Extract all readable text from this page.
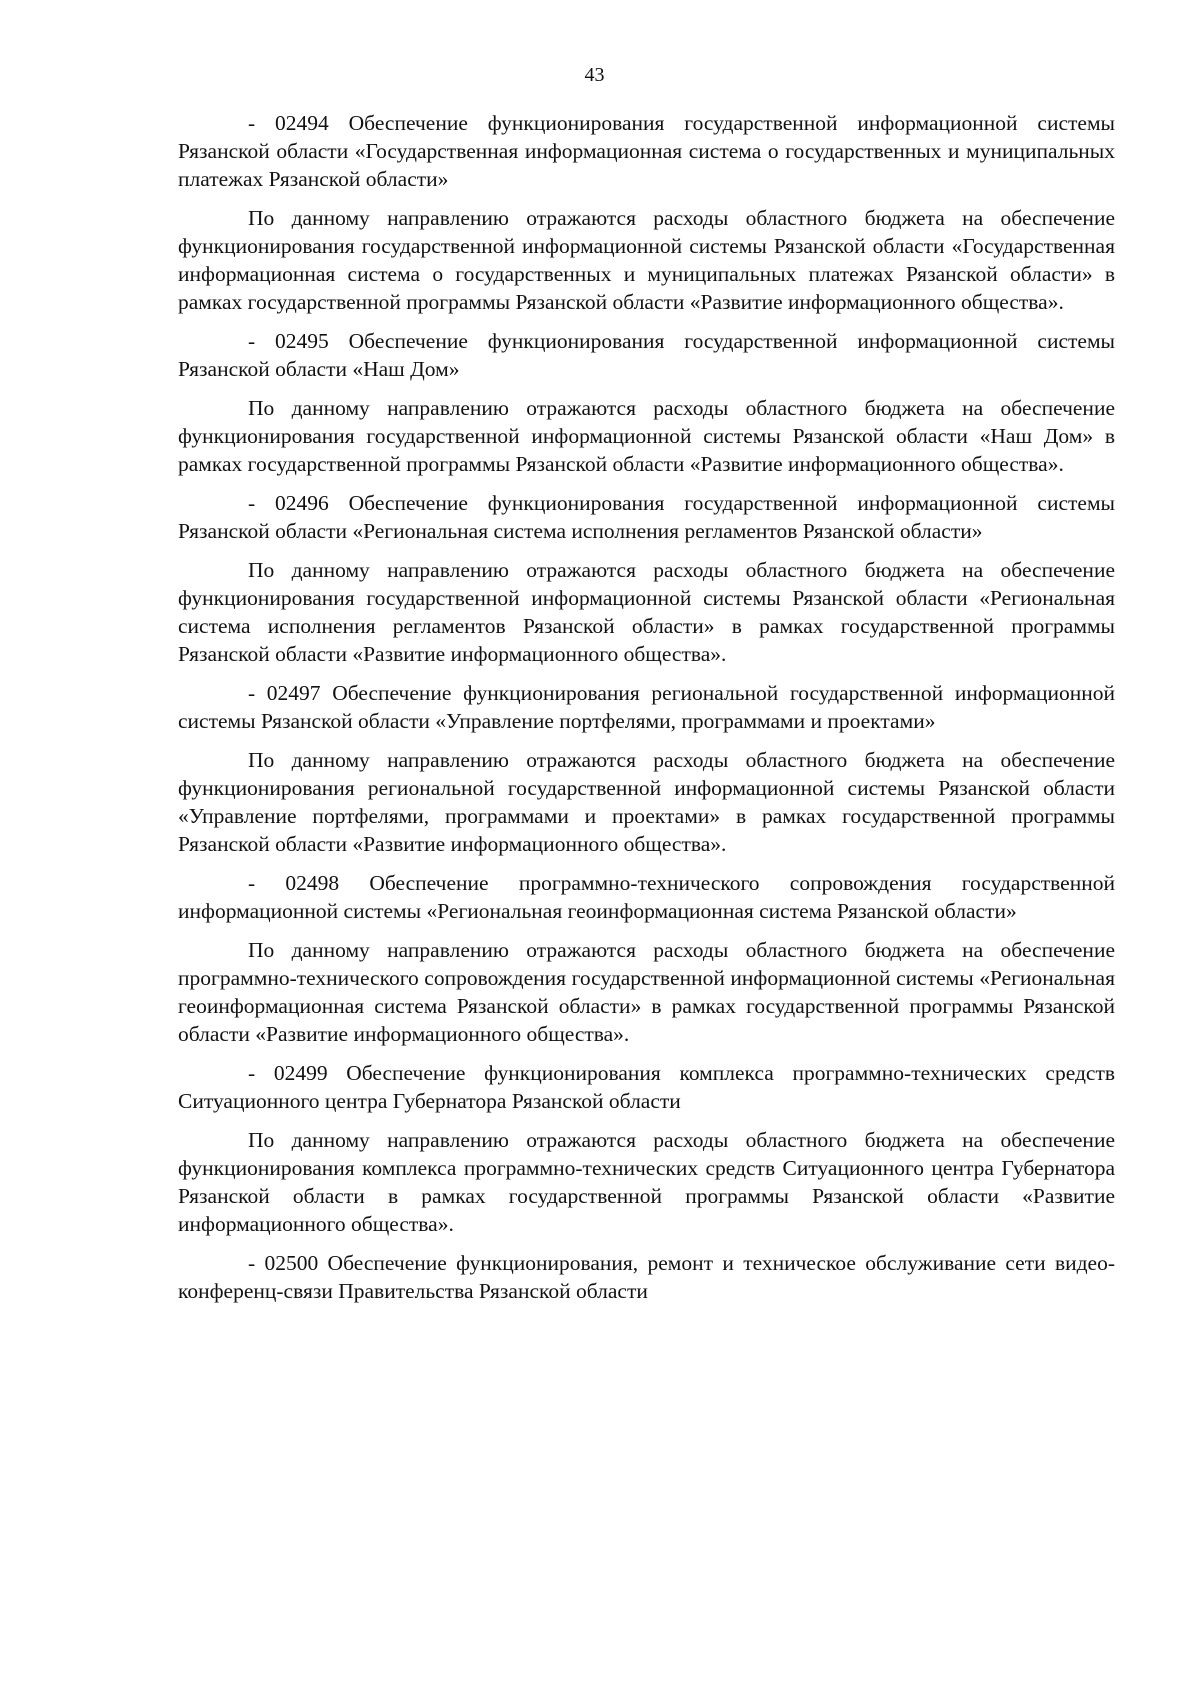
43

- 02494 Обеспечение функционирования государственной информационной системы Рязанской области «Государственная информационная система о государственных и муниципальных платежах Рязанской области»

По данному направлению отражаются расходы областного бюджета на обеспечение функционирования государственной информационной системы Рязанской области «Государственная информационная система о государственных и муниципальных платежах Рязанской области» в рамках государственной программы Рязанской области «Развитие информационного общества».

- 02495 Обеспечение функционирования государственной информационной системы Рязанской области «Наш Дом»

По данному направлению отражаются расходы областного бюджета на обеспечение функционирования государственной информационной системы Рязанской области «Наш Дом» в рамках государственной программы Рязанской области «Развитие информационного общества».

- 02496 Обеспечение функционирования государственной информационной системы Рязанской области «Региональная система исполнения регламентов Рязанской области»

По данному направлению отражаются расходы областного бюджета на обеспечение функционирования государственной информационной системы Рязанской области «Региональная система исполнения регламентов Рязанской области» в рамках государственной программы Рязанской области «Развитие информационного общества».

- 02497 Обеспечение функционирования региональной государственной информационной системы Рязанской области «Управление портфелями, программами и проектами»

По данному направлению отражаются расходы областного бюджета на обеспечение функционирования региональной государственной информационной системы Рязанской области «Управление портфелями, программами и проектами» в рамках государственной программы Рязанской области «Развитие информационного общества».

- 02498 Обеспечение программно-технического сопровождения государственной информационной системы «Региональная геоинформационная система Рязанской области»

По данному направлению отражаются расходы областного бюджета на обеспечение программно-технического сопровождения государственной информационной системы «Региональная геоинформационная система Рязанской области» в рамках государственной программы Рязанской области «Развитие информационного общества».

- 02499 Обеспечение функционирования комплекса программно-технических средств Ситуационного центра Губернатора Рязанской области

По данному направлению отражаются расходы областного бюджета на обеспечение функционирования комплекса программно-технических средств Ситуационного центра Губернатора Рязанской области в рамках государственной программы Рязанской области «Развитие информационного общества».

- 02500 Обеспечение функционирования, ремонт и техническое обслуживание сети видео-конференц-связи Правительства Рязанской области
